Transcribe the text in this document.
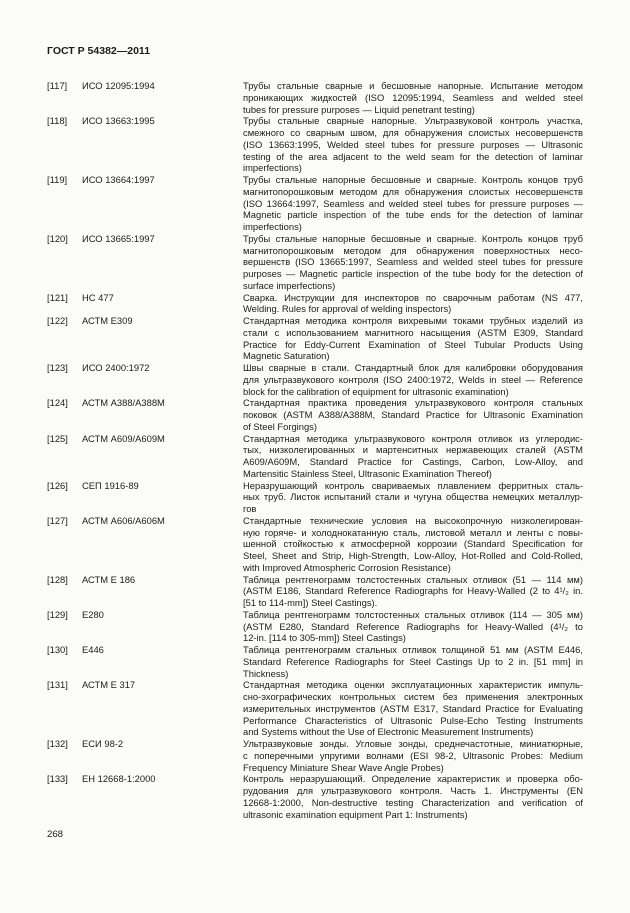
ГОСТ Р 54382—2011
[117]	ИСО 12095:1994	Трубы стальные сварные и бесшовные напорные. Испытание методом
проникающих жидкостей (ISO 12095:1994, Seamless and welded steel
tubes for pressure purposes — Liquid penetrant testing)
[118]	ИСО 13663:1995	Трубы стальные сварные напорные. Ультразвуковой контроль участка,
смежного со сварным швом, для обнаружения слоистых несовершенств
(ISO 13663:1995, Welded steel tubes for pressure purposes — Ultrasonic
testing of the area adjacent to the weld seam for the detection of laminar
imperfections)
[119]	ИСО 13664:1997	Трубы стальные напорные бесшовные и сварные. Контроль концов труб
магнитопорошковым методом для обнаружения слоистых несовершенств
(ISO 13664:1997, Seamless and welded steel tubes for pressure purposes —
Magnetic particle inspection of the tube ends for the detection of laminar
imperfections)
[120]	ИСО 13665:1997	Трубы стальные напорные бесшовные и сварные. Контроль концов труб
магнитопорошковым методом для обнаружения поверхностных несо-
вершенств (ISO 13665:1997, Seamless and welded steel tubes for pressure
purposes — Magnetic particle inspection of the tube body for the detection of
surface imperfections)
[121]	НС 477	Сварка. Инструкции для инспекторов по сварочным работам (NS 477,
Welding. Rules for approval of welding inspectors)
[122]	АСТМ Е309	Стандартная методика контроля вихревыми токами трубных изделий из
стали с использованием магнитного насыщения (ASTM E309, Standard
Practice for Eddy-Current Examination of Steel Tubular Products Using
Magnetic Saturation)
[123]	ИСО 2400:1972	Швы сварные в стали. Стандартный блок для калибровки оборудования
для ультразвукового контроля (ISO 2400:1972, Welds in steel — Reference
block for the calibration of equipment for ultrasonic examination)
[124]	АСТМ А388/А388М	Стандартная практика проведения ультразвукового контроля стальных
поковок (ASTM A388/A388M, Standard Practice for Ultrasonic Examination
of Steel Forgings)
[125]	АСТМ А609/А609М	Стандартная методика ультразвукового контроля отливок из углеродис-
тых, низколегированных и мартенситных нержавеющих сталей (ASTM
A609/A609M, Standard Practice for Castings, Carbon, Low-Alloy, and
Martensitic Stainless Steel, Ultrasonic Examination Thereof)
[126]	СЕП 1916-89	Неразрушающий контроль свариваемых плавлением ферритных сталь-
ных труб. Листок испытаний стали и чугуна общества немецких металлур-
гов
[127]	АСТМ А606/А606М	Стандартные технические условия на высокопрочную низколегирован-
ную горяче- и холоднокатанную сталь, листовой металл и ленты с повы-
шенной стойкостью к атмосферной коррозии (Standard Specification for
Steel, Sheet and Strip, High-Strength, Low-Alloy, Hot-Rolled and Cold-Rolled,
with Improved Atmospheric Corrosion Resistance)
[128]	АСТМ Е 186	Таблица рентгенограмм толстостенных стальных отливок (51 — 114 мм)
(ASTM E186, Standard Reference Radiographs for Heavy-Walled (2 to 4¹/₂ in.
[51 to 114-mm]) Steel Castings).
[129]	Е280	Таблица рентгенограмм толстостенных стальных отливок (114 — 305 мм)
(ASTM E280, Standard Reference Radiographs for Heavy-Walled (4¹/₂ to
12-in. [114 to 305-mm]) Steel Castings)
[130]	Е446	Таблица рентгенограмм стальных отливок толщиной 51 мм (ASTM E446,
Standard Reference Radiographs for Steel Castings Up to 2 in. [51 mm] in
Thickness)
[131]	АСТМ Е 317	Стандартная методика оценки эксплуатационных характеристик импуль-
сно-эхографических контрольных систем без применения электронных
измерительных инструментов (ASTM E317, Standard Practice for Evaluating
Performance Characteristics of Ultrasonic Pulse-Echo Testing Instruments
and Systems without the Use of Electronic Measurement Instruments)
[132]	ЕСИ 98-2	Ультразвуковые зонды. Угловые зонды, среднечастотные, миниатюрные,
с поперечными упругими волнами (ESI 98-2, Ultrasonic Probes: Medium
Frequency Miniature Shear Wave Angle Probes)
[133]	ЕН 12668-1:2000	Контроль неразрушающий. Определение характеристик и проверка обо-
рудования для ультразвукового контроля. Часть 1. Инструменты (EN
12668-1:2000, Non-destructive testing Characterization and verification of
ultrasonic examination equipment Part 1: Instruments)
268
